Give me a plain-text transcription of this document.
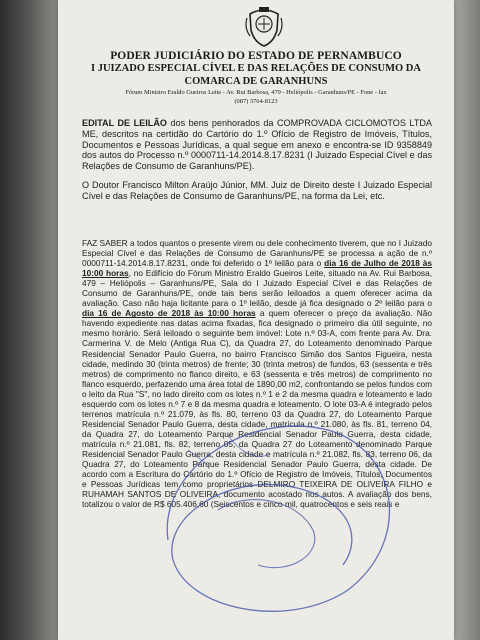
PODER JUDICIÁRIO DO ESTADO DE PERNAMBUCO
I JUIZADO ESPECIAL CÍVEL E DAS RELAÇÕES DE CONSUMO DA
COMARCA DE GARANHUNS
Fórum Ministro Eraldo Gueiros Leite - Av. Rui Barbosa, 479 - Heliópolis - Garanhuns/PE - Fone - fax
(087) 3764-8123
EDITAL DE LEILÃO dos bens penhorados da COMPROVADA CICLOMOTOS LTDA ME, descritos na certidão do Cartório do 1.º Ofício de Registro de Imóveis, Títulos, Documentos e Pessoas Jurídicas, a qual segue em anexo e encontra-se ID 9358849 dos autos do Processo n.º 0000711-14.2014.8.17.8231 (I Juizado Especial Cível e das Relações de Consumo de Garanhuns/PE).
O Doutor Francisco Milton Araújo Júnior, MM. Juiz de Direito deste I Juizado Especial Cível e das Relações de Consumo de Garanhuns/PE, na forma da Lei, etc.
FAZ SABER a todos quantos o presente virem ou dele conhecimento tiverem, que no I Juizado Especial Cível e das Relações de Consumo de Garanhuns/PE se processa a ação de n.º 0000711-14.2014.8.17.8231, onde foi deferido o 1º leilão para o dia 16 de Julho de 2018 às 10:00 horas, no Edifício do Fórum Ministro Eraldo Gueiros Leite, situado na Av. Rui Barbosa, 479 – Heliópolis – Garanhuns/PE, Sala do I Juizado Especial Cível e das Relações de Consumo de Garanhuns/PE, onde tais bens serão leiloados a quem oferecer acima da avaliação. Caso não haja licitante para o 1º leilão, desde já fica designado o 2º leilão para o dia 16 de Agosto de 2018 às 10:00 horas a quem oferecer o preço da avaliação. Não havendo expediente nas datas acima fixadas, fica designado o primeiro dia útil seguinte, no mesmo horário. Será leiloado o seguinte bem imóvel: Lote n.º 03-A, com frente para Av. Dra. Carmerina V. de Melo (Antiga Rua C), da Quadra 27, do Loteamento denominado Parque Residencial Senador Paulo Guerra, no bairro Francisco Simão dos Santos Figueira, nesta cidade, medindo 30 (trinta metros) de frente; 30 (trinta metros) de fundos, 63 (sessenta e três metros) de comprimento no flanco direito, e 63 (sessenta e três metros) de comprimento no flanco esquerdo, perfazendo uma área total de 1890,00 m2, confrontando se pelos fundos com o leito da Rua "S", no lado direito com os lotes n.º 1 e 2 da mesma quadra e loteamento e lado esquerdo com os lotes n.º 7 e 8 da mesma quadra e loteamento. O lote 03-A é integrado pelos terrenos matrícula n.º 21.079, às fls. 80, terreno 03 da Quadra 27, do Loteamento Parque Residencial Senador Paulo Guerra, desta cidade, matrícula n.º 21.080, às fls. 81, terreno 04, da Quadra 27, do Loteamento Parque Residencial Senador Paulo Guerra, desta cidade, matrícula n.º 21.081, fls. 82, terreno 05, da Quadra 27 do Loteamento denominado Parque Residencial Senador Paulo Guerra, desta cidade e matrícula n.º 21.082, fls. 83, terreno 06, da Quadra 27, do Loteamento Parque Residencial Senador Paulo Guerra, desta cidade. De acordo com a Escritura do Cartório do 1.º Ofício de Registro de Imóveis, Títulos, Documentos e Pessoas Jurídicas tem como proprietários DELMIRO TEIXEIRA DE OLIVEIRA FILHO e RUHAMAH SANTOS DE OLIVEIRA, documento acostado nos autos. A avaliação dos bens, totalizou o valor de R$ 605.406,60 (Seiscentos e cinco mil, quatrocentos e seis reais e
